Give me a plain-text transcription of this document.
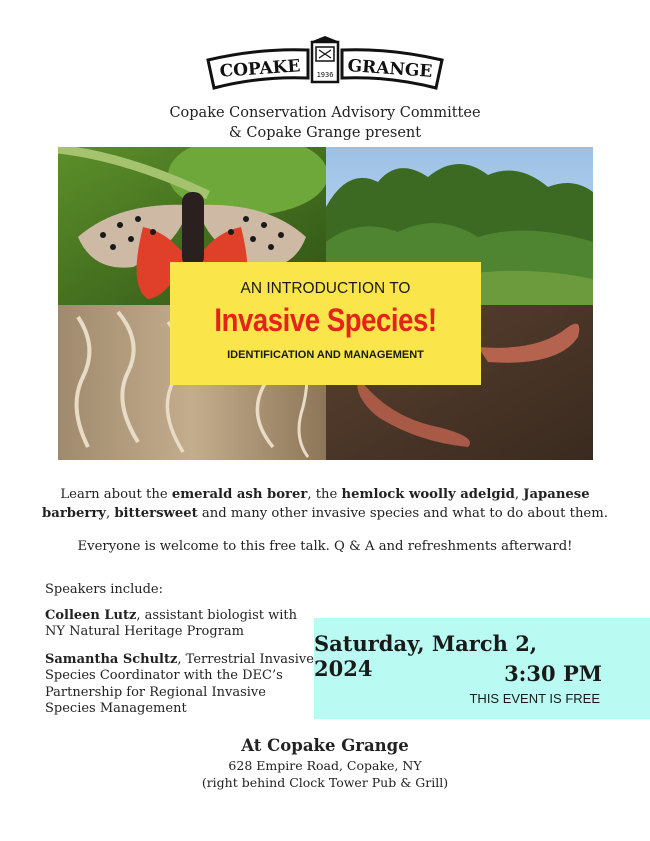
1936
COPAKE	GRANGE
Copake Conservation Advisory Committee
& Copake Grange present
AN INTRODUCTION TO
Invasive Species!
IDENTIFICATION AND MANAGEMENT
Learn about the emerald ash borer, the hemlock woolly adelgid, Japanese barberry, bittersweet and many other invasive species and what to do about them.
Everyone is welcome to this free talk. Q & A and refreshments afterward!
Speakers include:
Colleen Lutz, assistant biologist with NY Natural Heritage Program
Samantha Schultz, Terrestrial Invasive Species Coordinator with the DEC’s Partnership for Regional Invasive Species Management
Saturday, March 2, 2024	3:30 PM
THIS EVENT IS FREE
At Copake Grange
628 Empire Road, Copake, NY
(right behind Clock Tower Pub & Grill)
